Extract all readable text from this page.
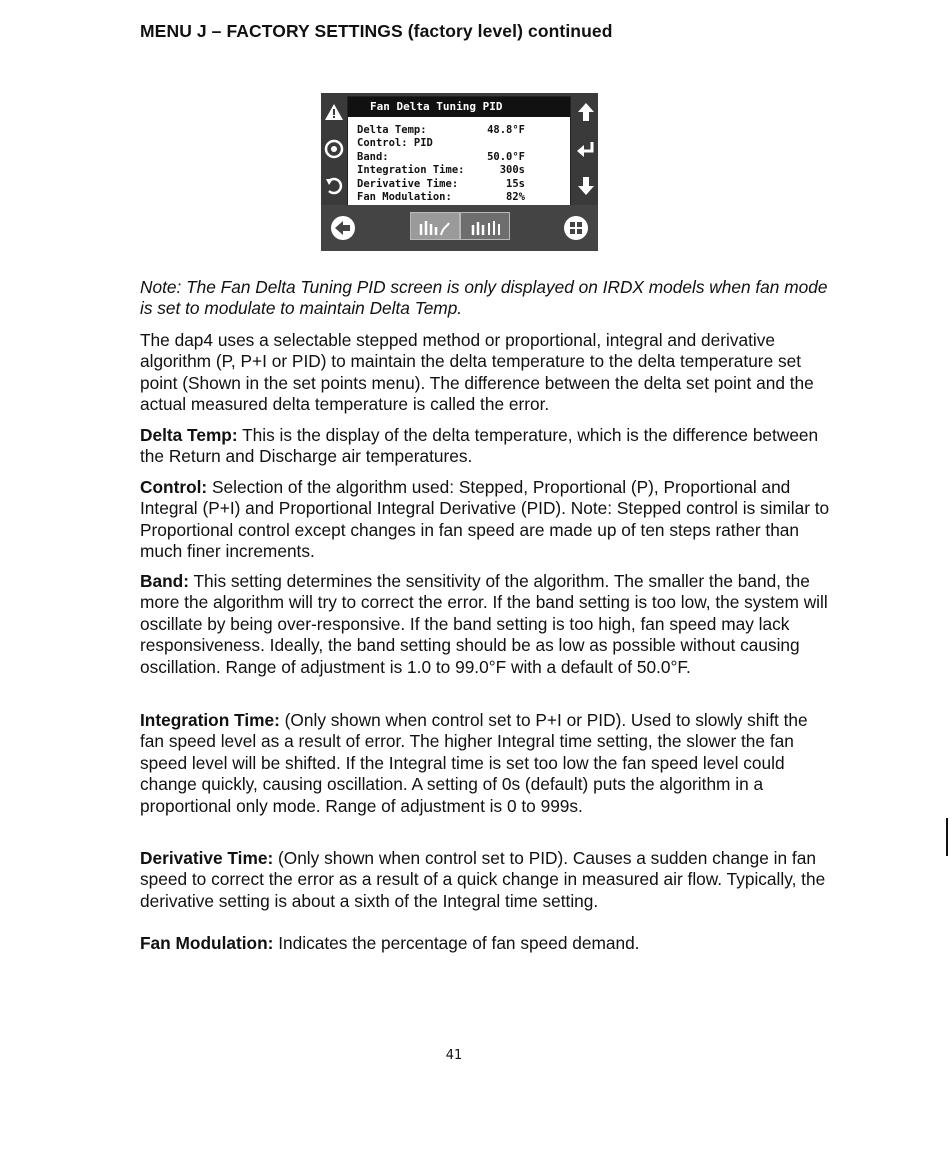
MENU J – FACTORY SETTINGS (factory level) continued
Fan Delta Tuning PID
Delta Temp:	48.8°F
Control: PID
Band:	50.0°F
Integration Time:	300s
Derivative Time:	15s
Fan Modulation:	82%

Note: The Fan Delta Tuning PID screen is only displayed on IRDX models when fan mode is set to modulate to maintain Delta Temp.

The dap4 uses a selectable stepped method or proportional, integral and derivative algorithm (P, P+I or PID) to maintain the delta temperature to the delta temperature set point (Shown in the set points menu). The difference between the delta set point and the actual measured delta temperature is called the error.

Delta Temp: This is the display of the delta temperature, which is the difference between the Return and Discharge air temperatures.

Control: Selection of the algorithm used: Stepped, Proportional (P), Proportional and Integral (P+I) and Proportional Integral Derivative (PID). Note: Stepped control is similar to Proportional control except changes in fan speed are made up of ten steps rather than much finer increments.

Band: This setting determines the sensitivity of the algorithm. The smaller the band, the more the algorithm will try to correct the error. If the band setting is too low, the system will oscillate by being over-responsive. If the band setting is too high, fan speed may lack responsiveness. Ideally, the band setting should be as low as possible without causing oscillation. Range of adjustment is 1.0 to 99.0°F with a default of 50.0°F.

Integration Time: (Only shown when control set to P+I or PID). Used to slowly shift the fan speed level as a result of error. The higher Integral time setting, the slower the fan speed level will be shifted. If the Integral time is set too low the fan speed level could change quickly, causing oscillation. A setting of 0s (default) puts the algorithm in a proportional only mode. Range of adjustment is 0 to 999s.

Derivative Time: (Only shown when control set to PID). Causes a sudden change in fan speed to correct the error as a result of a quick change in measured air flow. Typically, the derivative setting is about a sixth of the Integral time setting.

Fan Modulation: Indicates the percentage of fan speed demand.

41
